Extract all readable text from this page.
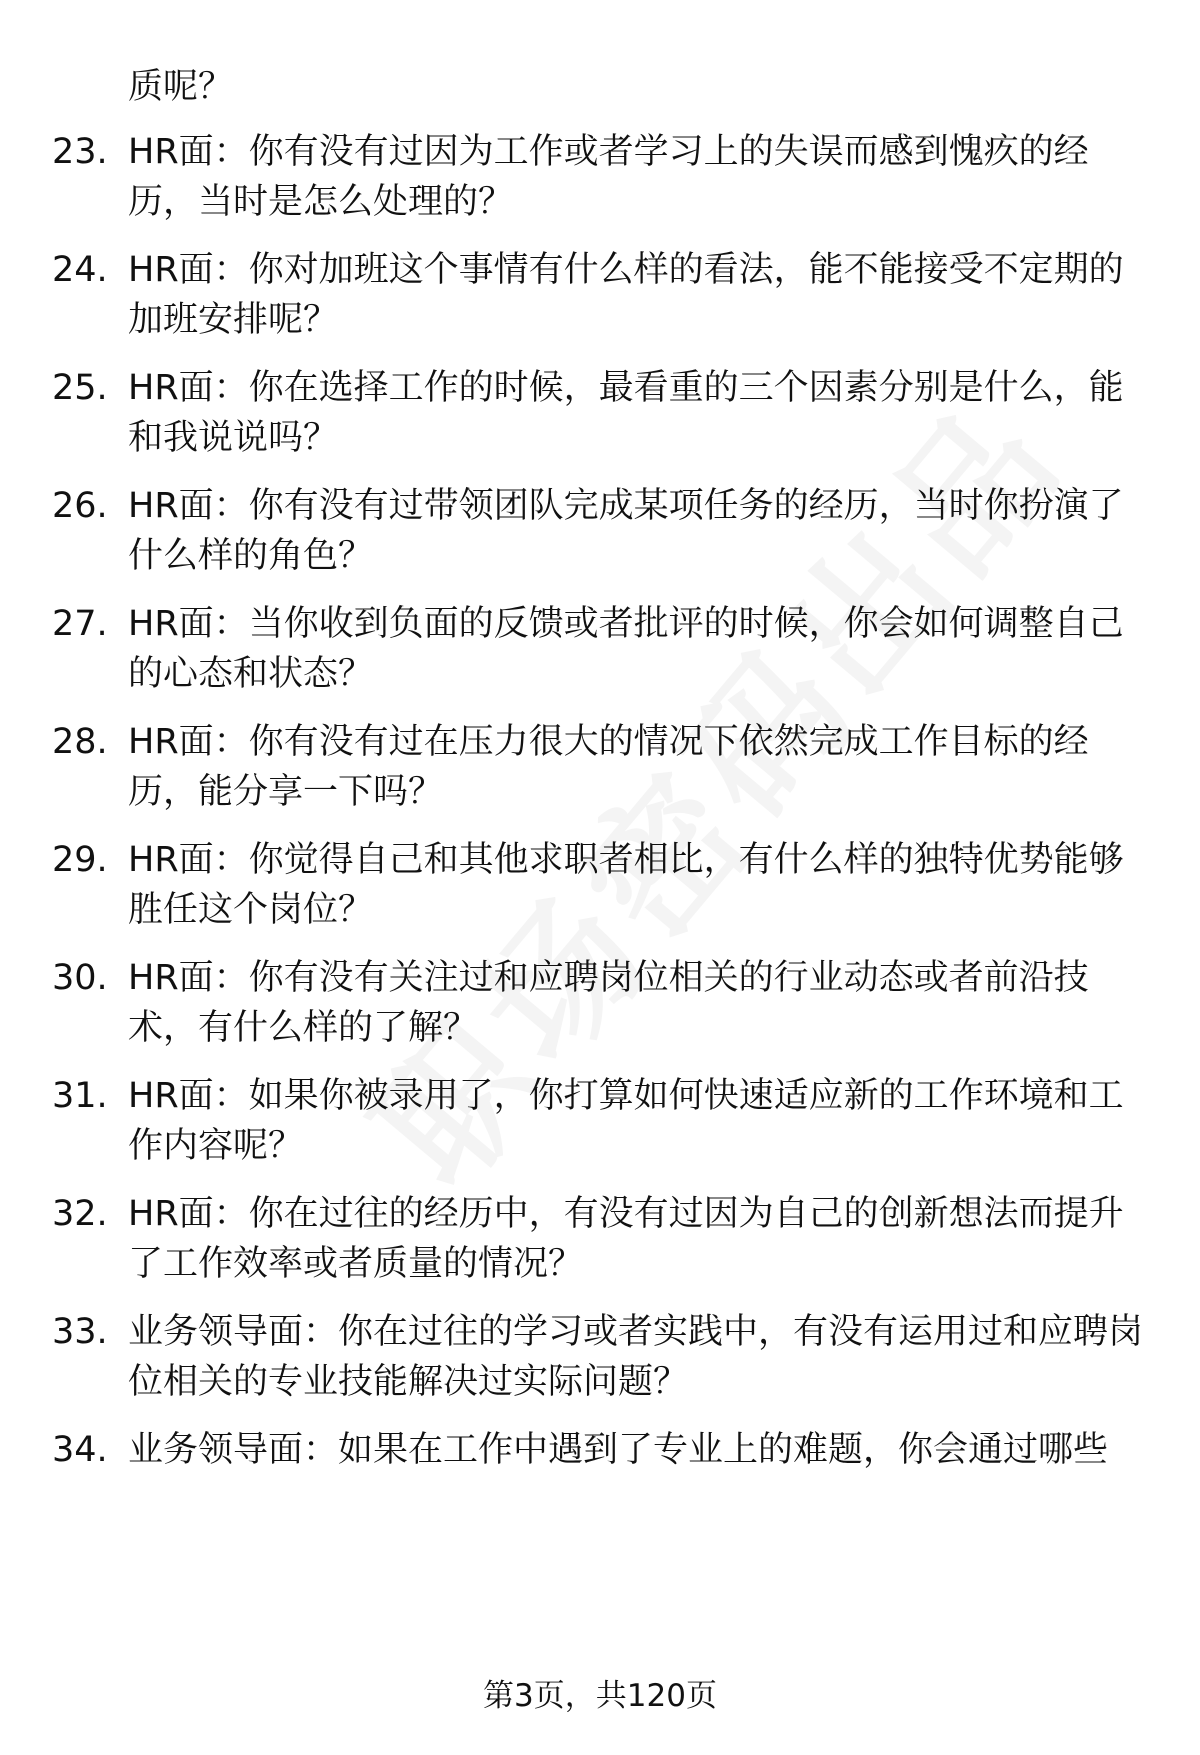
质呢？
23. HR面：你有没有过因为工作或者学习上的失误而感到愧疚的经历，当时是怎么处理的？
24. HR面：你对加班这个事情有什么样的看法，能不能接受不定期的加班安排呢？
25. HR面：你在选择工作的时候，最看重的三个因素分别是什么，能和我说说吗？
26. HR面：你有没有过带领团队完成某项任务的经历，当时你扮演了什么样的角色？
27. HR面：当你收到负面的反馈或者批评的时候，你会如何调整自己的心态和状态？
28. HR面：你有没有过在压力很大的情况下依然完成工作目标的经历，能分享一下吗？
29. HR面：你觉得自己和其他求职者相比，有什么样的独特优势能够胜任这个岗位？
30. HR面：你有没有关注过和应聘岗位相关的行业动态或者前沿技术，有什么样的了解？
31. HR面：如果你被录用了，你打算如何快速适应新的工作环境和工作内容呢？
32. HR面：你在过往的经历中，有没有过因为自己的创新想法而提升了工作效率或者质量的情况？
33. 业务领导面：你在过往的学习或者实践中，有没有运用过和应聘岗位相关的专业技能解决过实际问题？
34. 业务领导面：如果在工作中遇到了专业上的难题，你会通过哪些
第3页，共120页
